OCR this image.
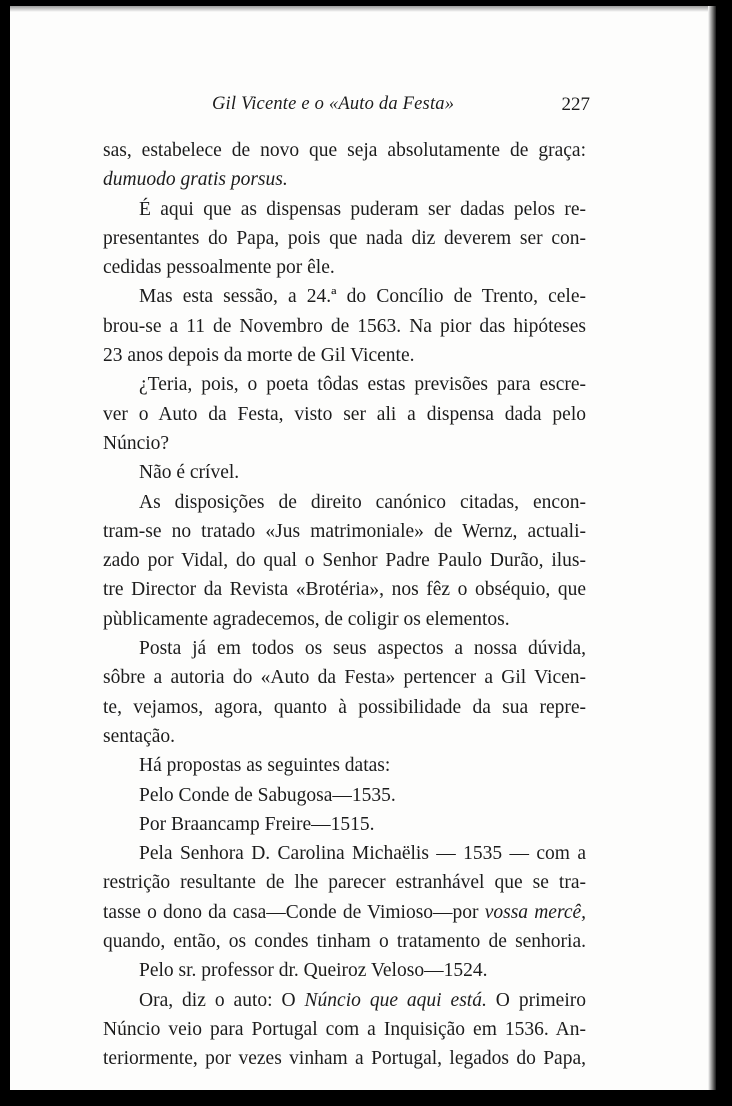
Gil Vicente e o «Auto da Festa»	227
sas, estabelece de novo que seja absolutamente de graça:
dumuodo gratis porsus.
É aqui que as dispensas puderam ser dadas pelos re-
presentantes do Papa, pois que nada diz deverem ser con-
cedidas pessoalmente por êle.
Mas esta sessão, a 24.ª do Concílio de Trento, cele-
brou-se a 11 de Novembro de 1563. Na pior das hipóteses
23 anos depois da morte de Gil Vicente.
¿Teria, pois, o poeta tôdas estas previsões para escre-
ver o Auto da Festa, visto ser ali a dispensa dada pelo
Núncio?
Não é crível.
As disposições de direito canónico citadas, encon-
tram-se no tratado «Jus matrimoniale» de Wernz, actuali-
zado por Vidal, do qual o Senhor Padre Paulo Durão, ilus-
tre Director da Revista «Brotéria», nos fêz o obséquio, que
pùblicamente agradecemos, de coligir os elementos.
Posta já em todos os seus aspectos a nossa dúvida,
sôbre a autoria do «Auto da Festa» pertencer a Gil Vicen-
te, vejamos, agora, quanto à possibilidade da sua repre-
sentação.
Há propostas as seguintes datas:
Pelo Conde de Sabugosa—1535.
Por Braancamp Freire—1515.
Pela Senhora D. Carolina Michaëlis — 1535 — com a
restrição resultante de lhe parecer estranhável que se tra-
tasse o dono da casa—Conde de Vimioso—por vossa mercê,
quando, então, os condes tinham o tratamento de senhoria.
Pelo sr. professor dr. Queiroz Veloso—1524.
Ora, diz o auto: O Núncio que aqui está. O primeiro
Núncio veio para Portugal com a Inquisição em 1536. An-
teriormente, por vezes vinham a Portugal, legados do Papa,
